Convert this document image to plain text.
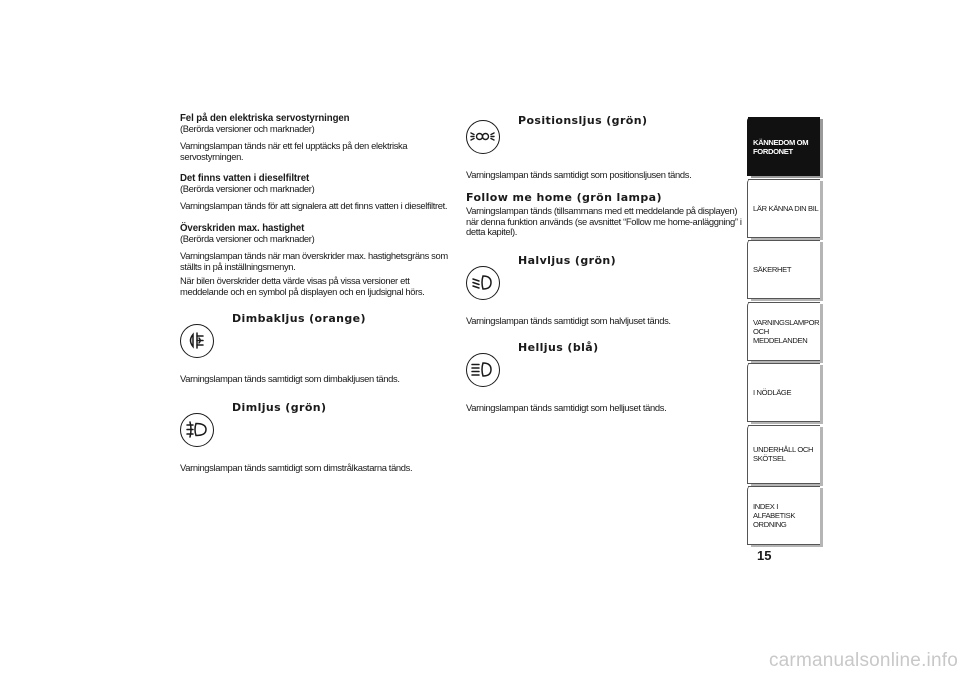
Fel på den elektriska servostyrningen
(Berörda versioner och marknader)
Varningslampan tänds när ett fel upptäcks på den elektriska servostyrningen.
Det finns vatten i dieselfiltret
(Berörda versioner och marknader)
Varningslampan tänds för att signalera att det finns vatten i dieselfiltret.
Överskriden max. hastighet
(Berörda versioner och marknader)
Varningslampan tänds när man överskrider max. hastighetsgräns som ställts in på inställningsmenyn.
När bilen överskrider detta värde visas på vissa versioner ett meddelande och en symbol på displayen och en ljudsignal hörs.
Dimbakljus (orange)
Varningslampan tänds samtidigt som dimbakljusen tänds.
Dimljus (grön)
Varningslampan tänds samtidigt som dimstrålkastarna tänds.
Positionsljus (grön)
Varningslampan tänds samtidigt som positionsljusen tänds.
Follow me home (grön lampa)
Varningslampan tänds (tillsammans med ett meddelande på displayen) när denna funktion används (se avsnittet “Follow me home-anläggning” i detta kapitel).
Halvljus (grön)
Varningslampan tänds samtidigt som halvljuset tänds.
Helljus (blå)
Varningslampan tänds samtidigt som helljuset tänds.
KÄNNEDOM OM FORDONET
LÄR KÄNNA DIN BIL
SÄKERHET
VARNINGSLAMPOR OCH MEDDELANDEN
I NÖDLÄGE
UNDERHÅLL OCH SKÖTSEL
INDEX I ALFABETISK ORDNING
15
carmanualsonline.info
